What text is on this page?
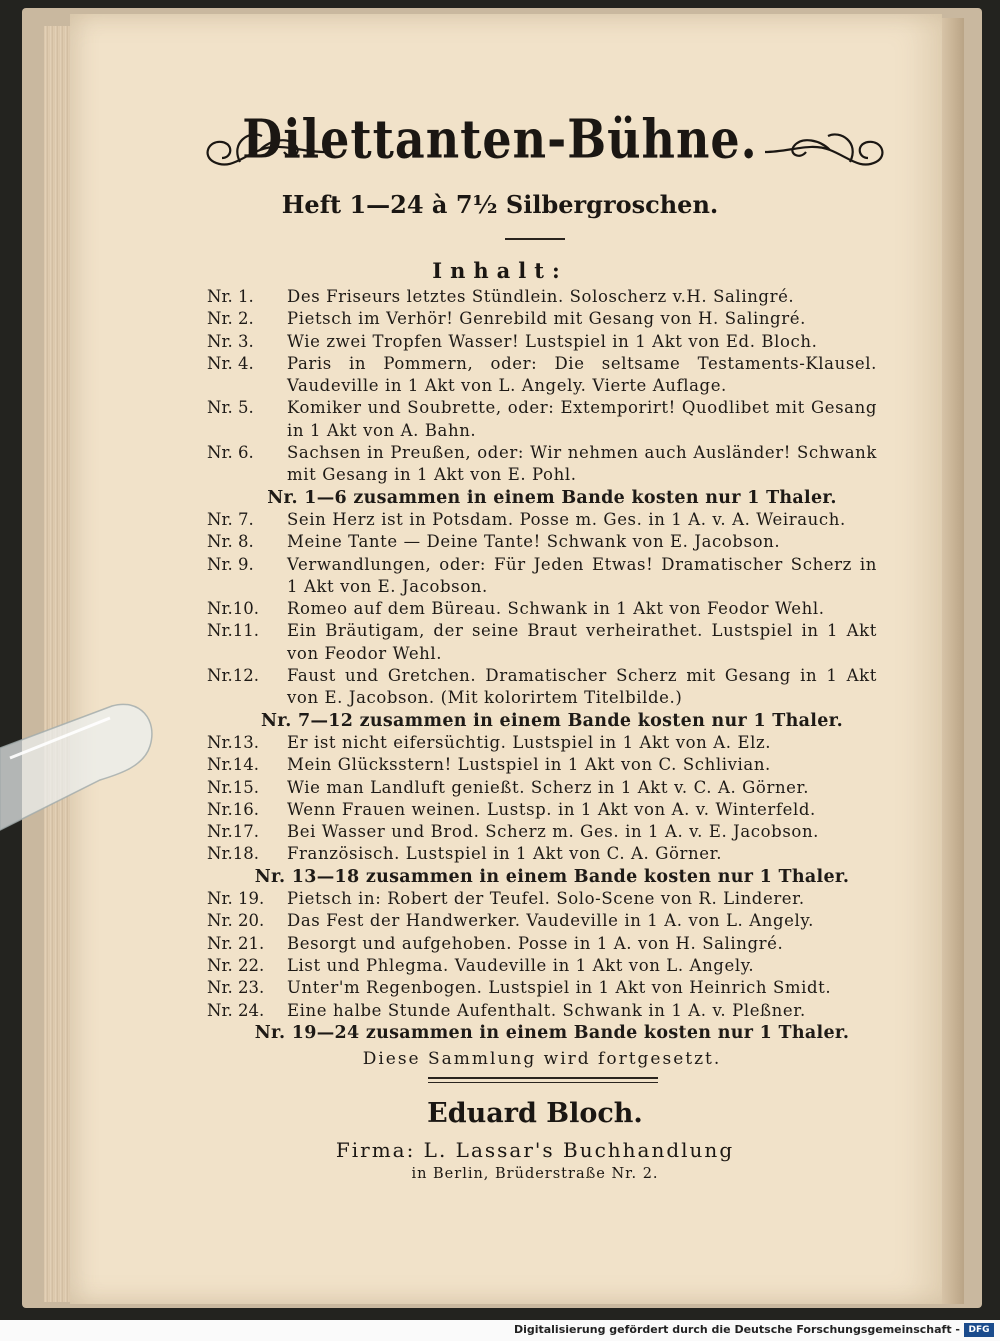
Dilettanten-Bühne.
Heft 1—24 à 7½ Silbergroschen.
Inhalt:
Nr. 1.	Des Friseurs letztes Stündlein. Soloscherz v.H. Salingré.
Nr. 2.	Pietsch im Verhör! Genrebild mit Gesang von H. Salingré.
Nr. 3.	Wie zwei Tropfen Wasser! Lustspiel in 1 Akt von Ed. Bloch.
Nr. 4.	Paris in Pommern, oder: Die seltsame Testaments-Klausel. Vaudeville in 1 Akt von L. Angely. Vierte Auflage.
Nr. 5.	Komiker und Soubrette, oder: Extemporirt! Quodlibet mit Gesang in 1 Akt von A. Bahn.
Nr. 6.	Sachsen in Preußen, oder: Wir nehmen auch Ausländer! Schwank mit Gesang in 1 Akt von E. Pohl.
Nr. 1—6 zusammen in einem Bande kosten nur 1 Thaler.
Nr. 7.	Sein Herz ist in Potsdam. Posse m. Ges. in 1 A. v. A. Weirauch.
Nr. 8.	Meine Tante — Deine Tante! Schwank von E. Jacobson.
Nr. 9.	Verwandlungen, oder: Für Jeden Etwas! Dramatischer Scherz in 1 Akt von E. Jacobson.
Nr.10.	Romeo auf dem Büreau. Schwank in 1 Akt von Feodor Wehl.
Nr.11.	Ein Bräutigam, der seine Braut verheirathet. Lustspiel in 1 Akt von Feodor Wehl.
Nr.12.	Faust und Gretchen. Dramatischer Scherz mit Gesang in 1 Akt von E. Jacobson. (Mit kolorirtem Titelbilde.)
Nr. 7—12 zusammen in einem Bande kosten nur 1 Thaler.
Nr.13.	Er ist nicht eifersüchtig. Lustspiel in 1 Akt von A. Elz.
Nr.14.	Mein Glücksstern! Lustspiel in 1 Akt von C. Schlivian.
Nr.15.	Wie man Landluft genießt. Scherz in 1 Akt v. C. A. Görner.
Nr.16.	Wenn Frauen weinen. Lustsp. in 1 Akt von A. v. Winterfeld.
Nr.17.	Bei Wasser und Brod. Scherz m. Ges. in 1 A. v. E. Jacobson.
Nr.18.	Französisch. Lustspiel in 1 Akt von C. A. Görner.
Nr. 13—18 zusammen in einem Bande kosten nur 1 Thaler.
Nr. 19.	Pietsch in: Robert der Teufel. Solo-Scene von R. Linderer.
Nr. 20.	Das Fest der Handwerker. Vaudeville in 1 A. von L. Angely.
Nr. 21.	Besorgt und aufgehoben. Posse in 1 A. von H. Salingré.
Nr. 22.	List und Phlegma. Vaudeville in 1 Akt von L. Angely.
Nr. 23.	Unter'm Regenbogen. Lustspiel in 1 Akt von Heinrich Smidt.
Nr. 24.	Eine halbe Stunde Aufenthalt. Schwank in 1 A. v. Pleßner.
Nr. 19—24 zusammen in einem Bande kosten nur 1 Thaler.
Diese Sammlung wird fortgesetzt.
Eduard Bloch.
Firma: L. Lassar's Buchhandlung
in Berlin, Brüderstraße Nr. 2.
Digitalisierung gefördert durch die Deutsche Forschungsgemeinschaft - DFG
